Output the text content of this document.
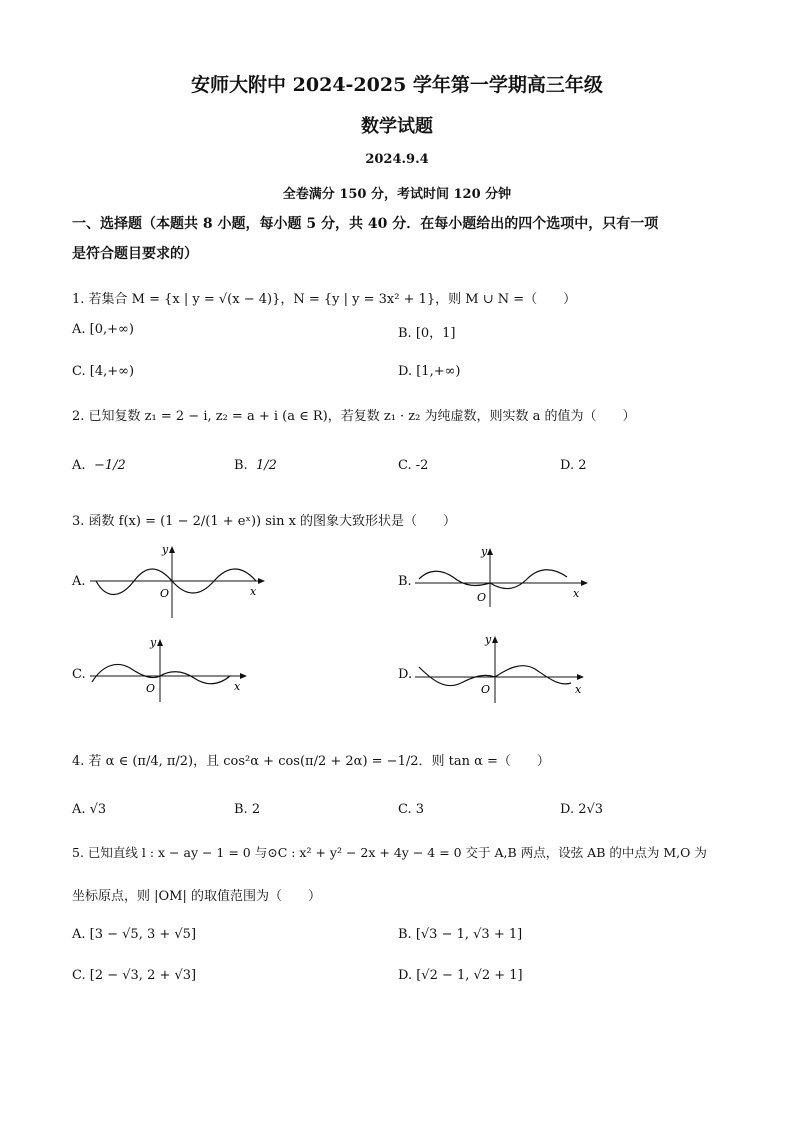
安师大附中 2024-2025 学年第一学期高三年级
数学试题
2024.9.4
全卷满分 150 分，考试时间 120 分钟
一、选择题（本题共 8 小题，每小题 5 分，共 40 分．在每小题给出的四个选项中，只有一项
是符合题目要求的）
1. 若集合 M = {x | y = √(x − 4)}，N = {y | y = 3x² + 1}，则 M ∪ N =（　　）
A. [0,+∞)	B. [0，1]
C. [4,+∞)	D. [1,+∞)
2. 已知复数 z₁ = 2 − i, z₂ = a + i (a ∈ R)，若复数 z₁ · z₂ 为纯虚数，则实数 a 的值为（　　）
A. −1/2	B. 1/2	C. -2	D. 2
3. 函数 f(x) = (1 − 2/(1 + eˣ)) sin x 的图象大致形状是（　　）
A.
y
x
O
B.
y
x
O
C.
y
x
O
D.
y
x
O
4. 若 α ∈ (π/4, π/2)，且 cos²α + cos(π/2 + 2α) = −1/2．则 tan α =（　　）
A. √3	B. 2	C. 3	D. 2√3
5. 已知直线 l : x − ay − 1 = 0 与⊙C : x² + y² − 2x + 4y − 4 = 0 交于 A,B 两点，设弦 AB 的中点为 M,O 为
坐标原点，则 |OM| 的取值范围为（　　）
A. [3 − √5, 3 + √5]	B. [√3 − 1, √3 + 1]
C. [2 − √3, 2 + √3]	D. [√2 − 1, √2 + 1]
